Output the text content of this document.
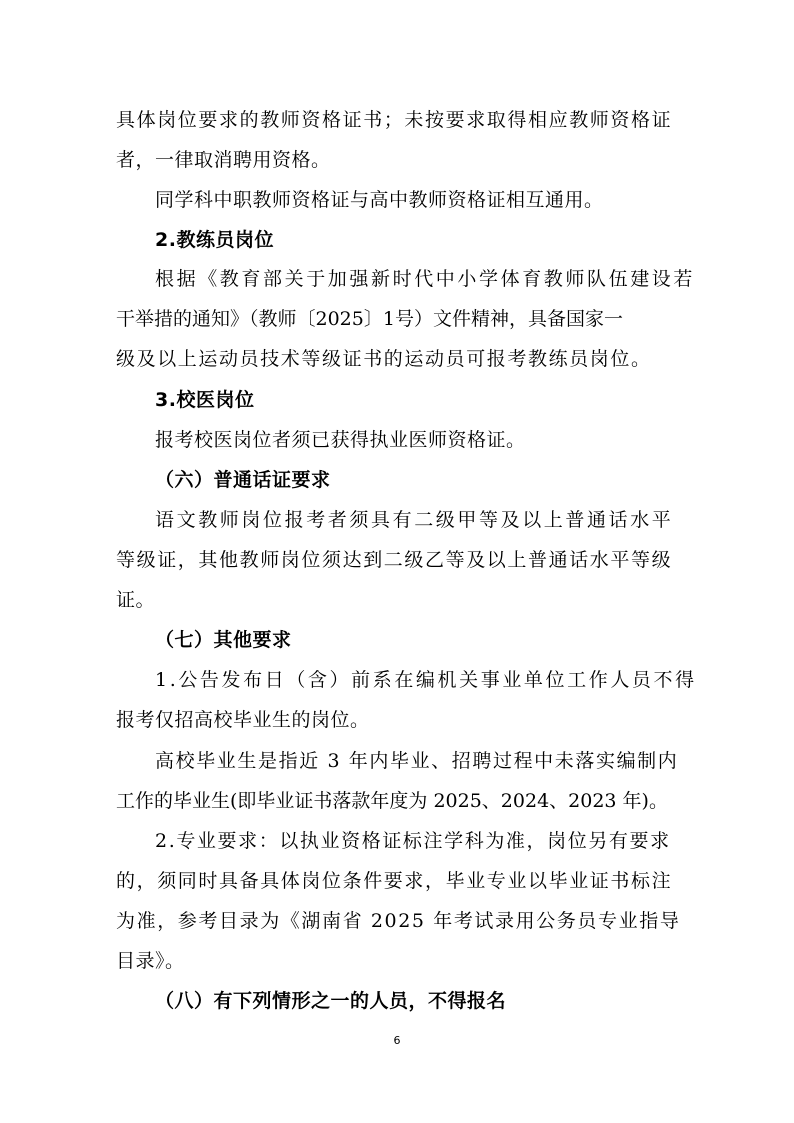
具体岗位要求的教师资格证书；未按要求取得相应教师资格证
者，一律取消聘用资格。
同学科中职教师资格证与高中教师资格证相互通用。
2.教练员岗位
根据《教育部关于加强新时代中小学体育教师队伍建设若
干举措的通知》（教师〔2025〕1号）文件精神，具备国家一
级及以上运动员技术等级证书的运动员可报考教练员岗位。
3.校医岗位
报考校医岗位者须已获得执业医师资格证。
（六）普通话证要求
语文教师岗位报考者须具有二级甲等及以上普通话水平
等级证，其他教师岗位须达到二级乙等及以上普通话水平等级
证。
（七）其他要求
1.公告发布日（含）前系在编机关事业单位工作人员不得
报考仅招高校毕业生的岗位。
高校毕业生是指近 3 年内毕业、招聘过程中未落实编制内
工作的毕业生(即毕业证书落款年度为 2025、2024、2023 年)。
2.专业要求：以执业资格证标注学科为准，岗位另有要求
的，须同时具备具体岗位条件要求，毕业专业以毕业证书标注
为准，参考目录为《湖南省 2025 年考试录用公务员专业指导
目录》。
（八）有下列情形之一的人员，不得报名
6
